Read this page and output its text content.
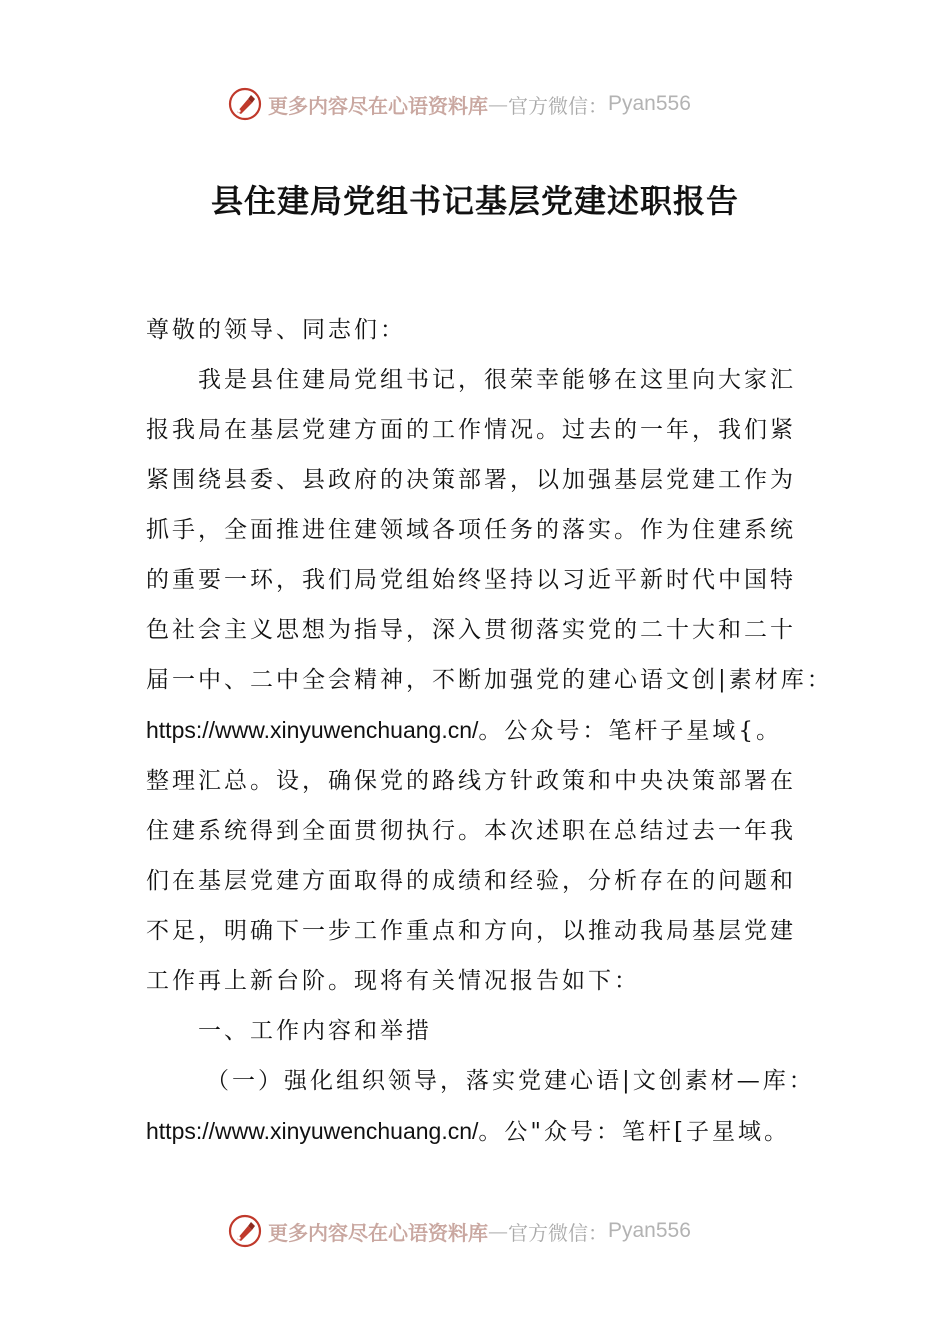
更多内容尽在心语资料库 — 官方微信： Pyan556
县住建局党组书记基层党建述职报告

尊敬的领导、同志们：

我是县住建局党组书记，很荣幸能够在这里向大家汇

报我局在基层党建方面的工作情况。过去的一年，我们紧

紧围绕县委、县政府的决策部署，以加强基层党建工作为

抓手，全面推进住建领域各项任务的落实。作为住建系统

的重要一环，我们局党组始终坚持以习近平新时代中国特

色社会主义思想为指导，深入贯彻落实党的二十大和二十

届一中、二中全会精神，不断加强党的建心语文创|素材库：

https://www.xinyuwenchuang.cn/。公众号：笔杆子星域{。

整理汇总。设，确保党的路线方针政策和中央决策部署在

住建系统得到全面贯彻执行。本次述职在总结过去一年我

们在基层党建方面取得的成绩和经验，分析存在的问题和

不足，明确下一步工作重点和方向，以推动我局基层党建

工作再上新台阶。现将有关情况报告如下：

一、工作内容和举措

（一）强化组织领导，落实党建心语|文创素材—库：

https://www.xinyuwenchuang.cn/。公"众号：笔杆[子星域。

更多内容尽在心语资料库 — 官方微信： Pyan556
